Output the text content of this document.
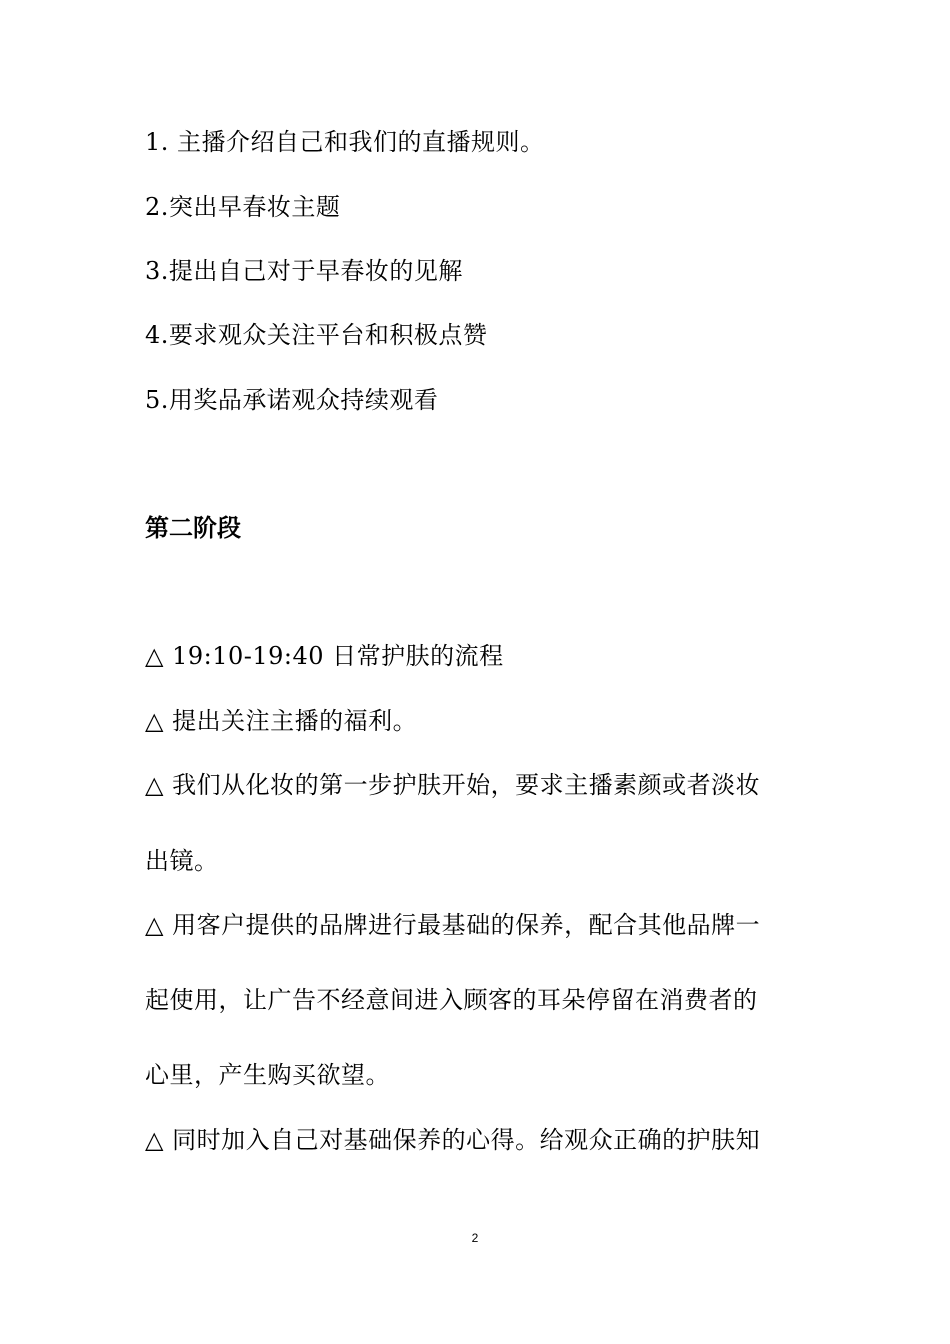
1. 主播介绍自己和我们的直播规则。
2.突出早春妆主题
3.提出自己对于早春妆的见解
4.要求观众关注平台和积极点赞
5.用奖品承诺观众持续观看
第二阶段
△ 19:10-19:40 日常护肤的流程
△ 提出关注主播的福利。
△ 我们从化妆的第一步护肤开始，要求主播素颜或者淡妆
出镜。
△ 用客户提供的品牌进行最基础的保养，配合其他品牌一
起使用，让广告不经意间进入顾客的耳朵停留在消费者的
心里，产生购买欲望。
△ 同时加入自己对基础保养的心得。给观众正确的护肤知
2
